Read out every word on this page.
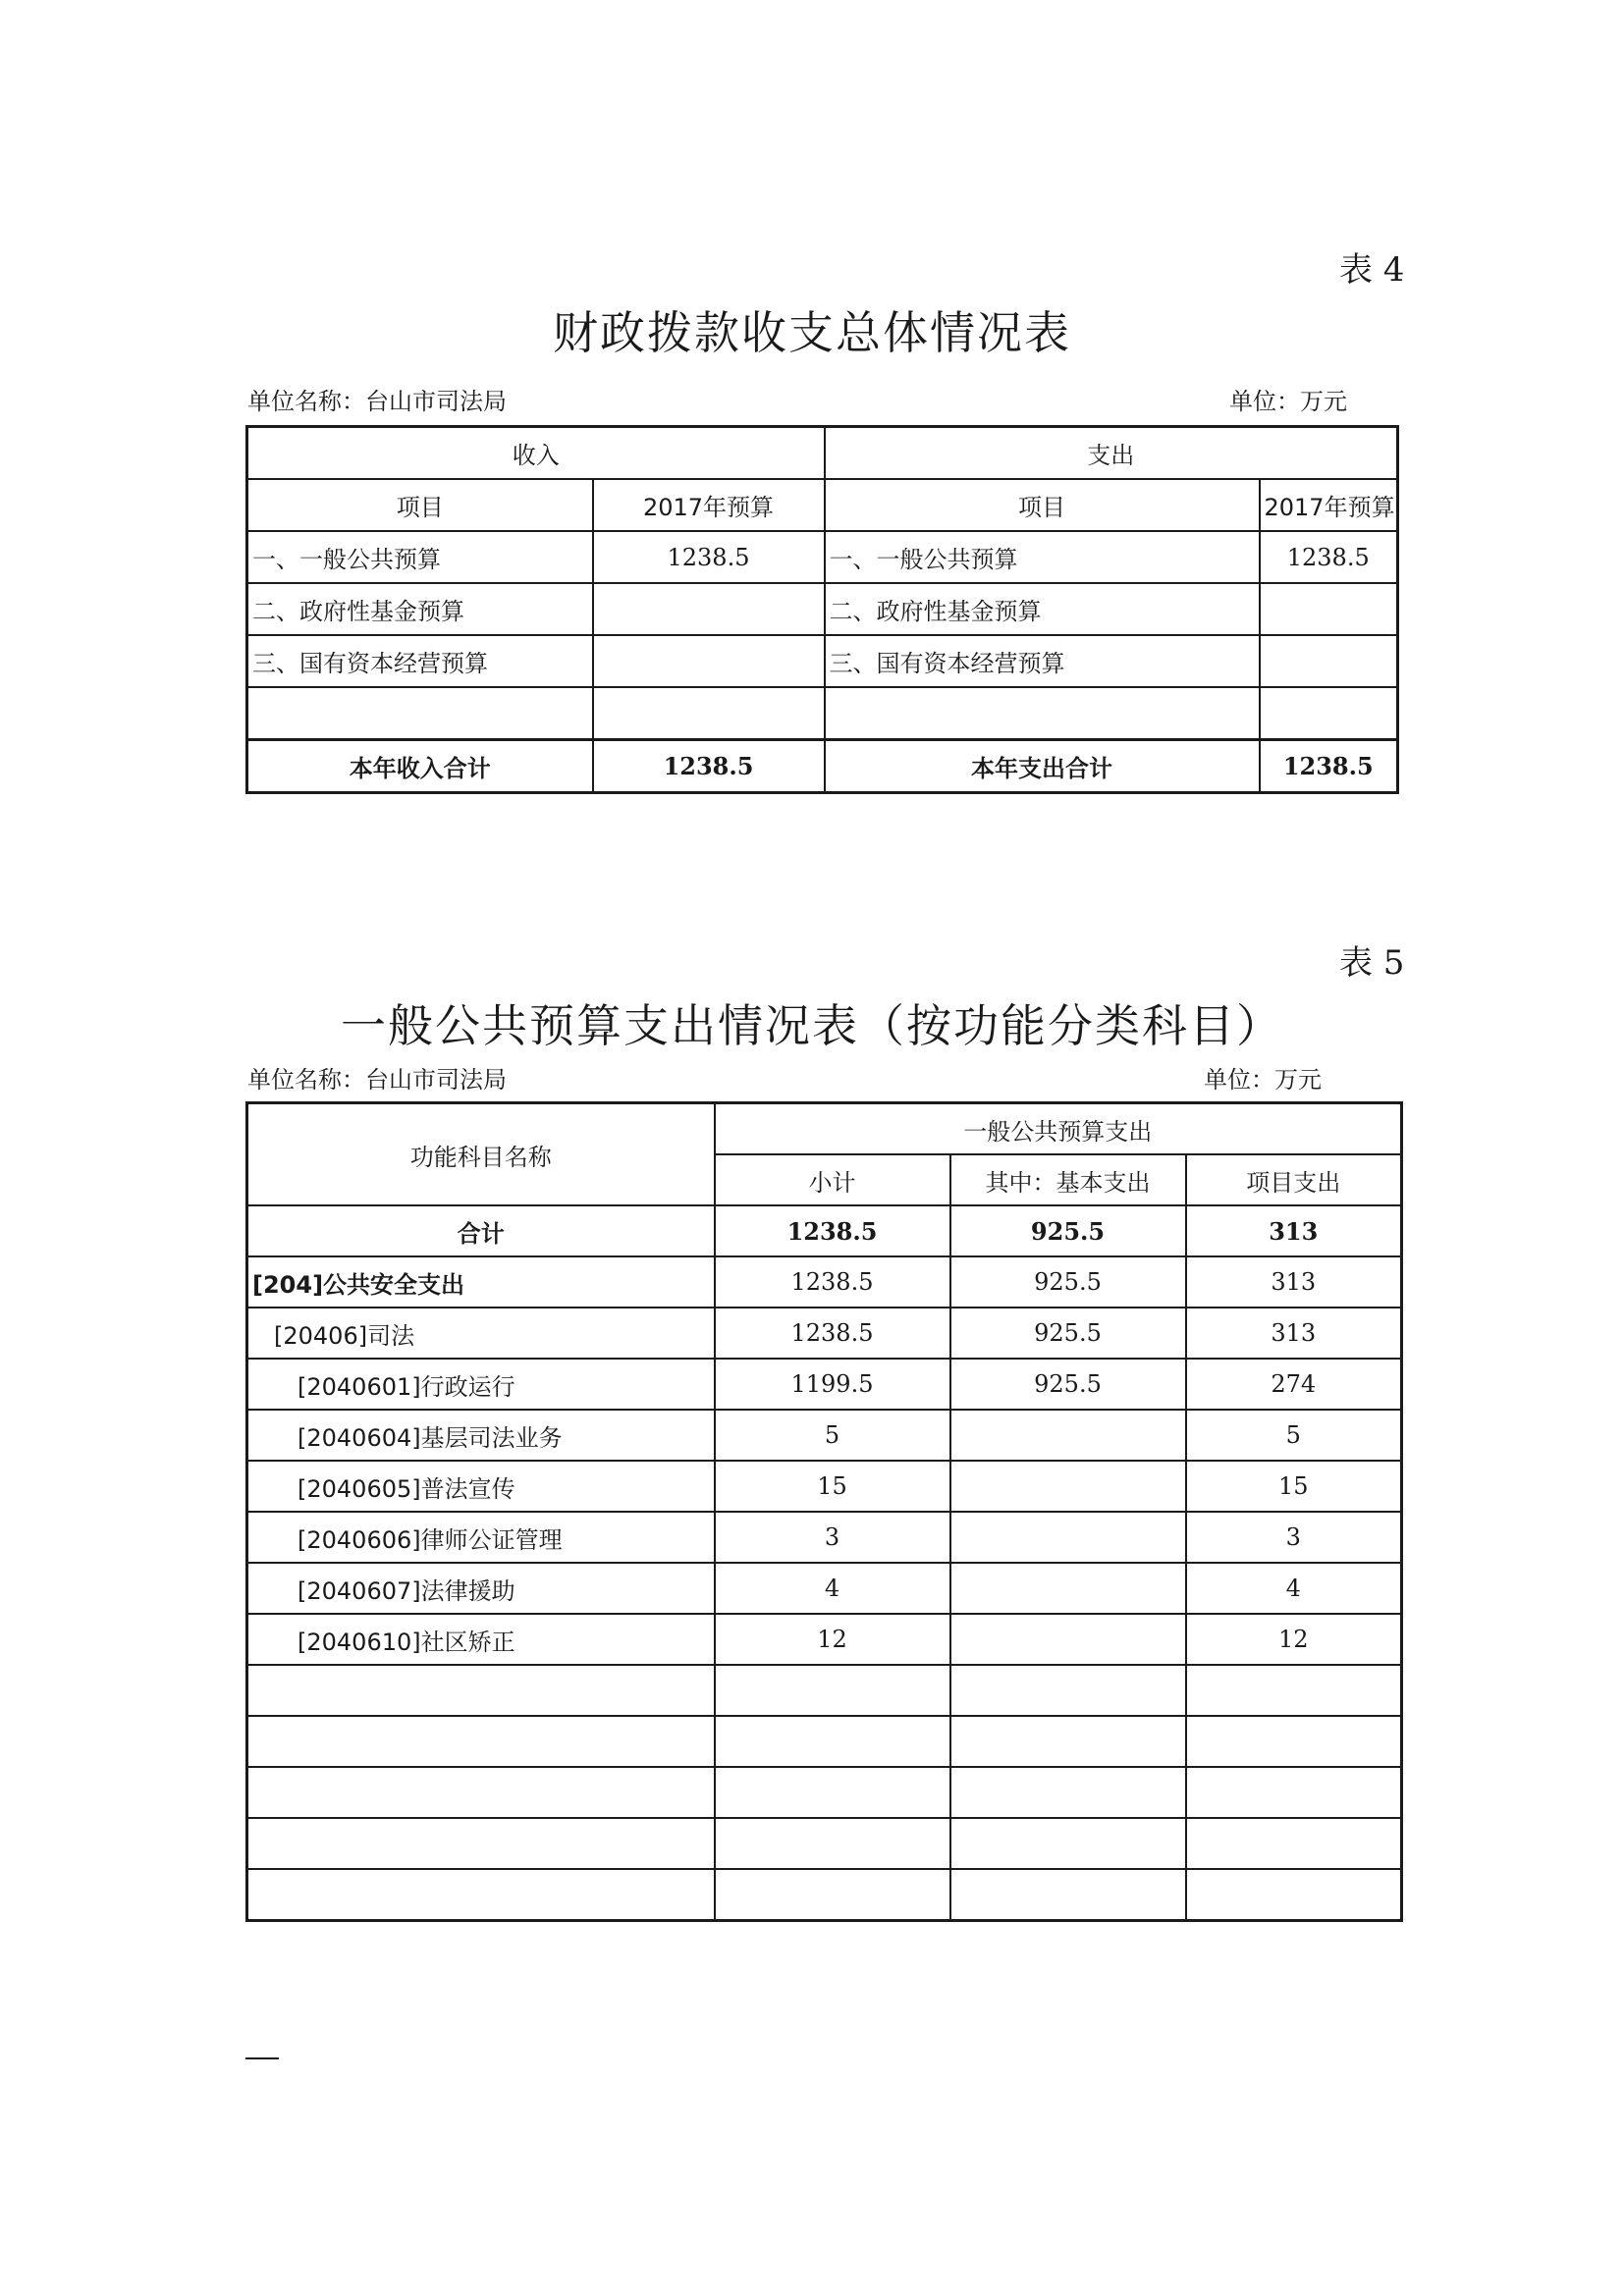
表 4
财政拨款收支总体情况表
单位名称：台山市司法局	单位：万元
收入		支出	
项目	2017年预算	项目	2017年预算
一、一般公共预算	1238.5	一、一般公共预算	1238.5
二、政府性基金预算		二、政府性基金预算	
三、国有资本经营预算		三、国有资本经营预算	

本年收入合计	1238.5	本年支出合计	1238.5
表 5
一般公共预算支出情况表（按功能分类科目）
单位名称：台山市司法局	单位：万元
功能科目名称	一般公共预算支出		
	小计	其中：基本支出	项目支出
合计	1238.5	925.5	313
[204]公共安全支出	1238.5	925.5	313
[20406]司法	1238.5	925.5	313
[2040601]行政运行	1199.5	925.5	274
[2040604]基层司法业务	5		5
[2040605]普法宣传	15		15
[2040606]律师公证管理	3		3
[2040607]法律援助	4		4
[2040610]社区矫正	12		12
